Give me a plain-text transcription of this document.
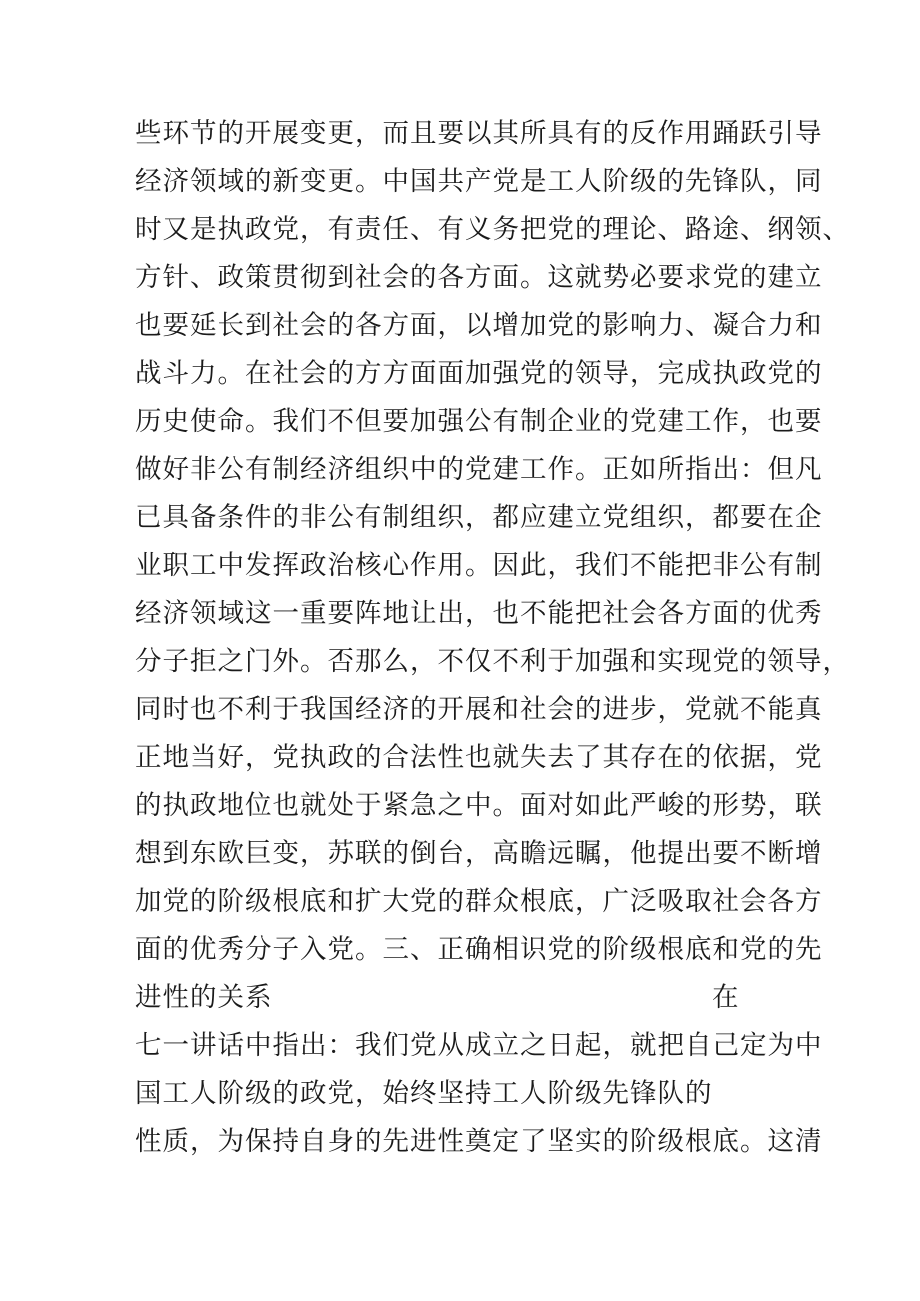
些环节的开展变更，而且要以其所具有的反作用踊跃引导
经济领域的新变更。中国共产党是工人阶级的先锋队，同
时又是执政党，有责任、有义务把党的理论、路途、纲领、
方针、政策贯彻到社会的各方面。这就势必要求党的建立
也要延长到社会的各方面，以增加党的影响力、凝合力和
战斗力。在社会的方方面面加强党的领导，完成执政党的
历史使命。我们不但要加强公有制企业的党建工作，也要
做好非公有制经济组织中的党建工作。正如所指出：但凡
已具备条件的非公有制组织，都应建立党组织，都要在企
业职工中发挥政治核心作用。因此，我们不能把非公有制
经济领域这一重要阵地让出，也不能把社会各方面的优秀
分子拒之门外。否那么，不仅不利于加强和实现党的领导，
同时也不利于我国经济的开展和社会的进步，党就不能真
正地当好，党执政的合法性也就失去了其存在的依据，党
的执政地位也就处于紧急之中。面对如此严峻的形势，联
想到东欧巨变，苏联的倒台，高瞻远瞩，他提出要不断增
加党的阶级根底和扩大党的群众根底，广泛吸取社会各方
面的优秀分子入党。三、正确相识党的阶级根底和党的先
进性的关系	在
七一讲话中指出：我们党从成立之日起，就把自己定为中
国工人阶级的政党，始终坚持工人阶级先锋队的
性质，为保持自身的先进性奠定了坚实的阶级根底。这清
